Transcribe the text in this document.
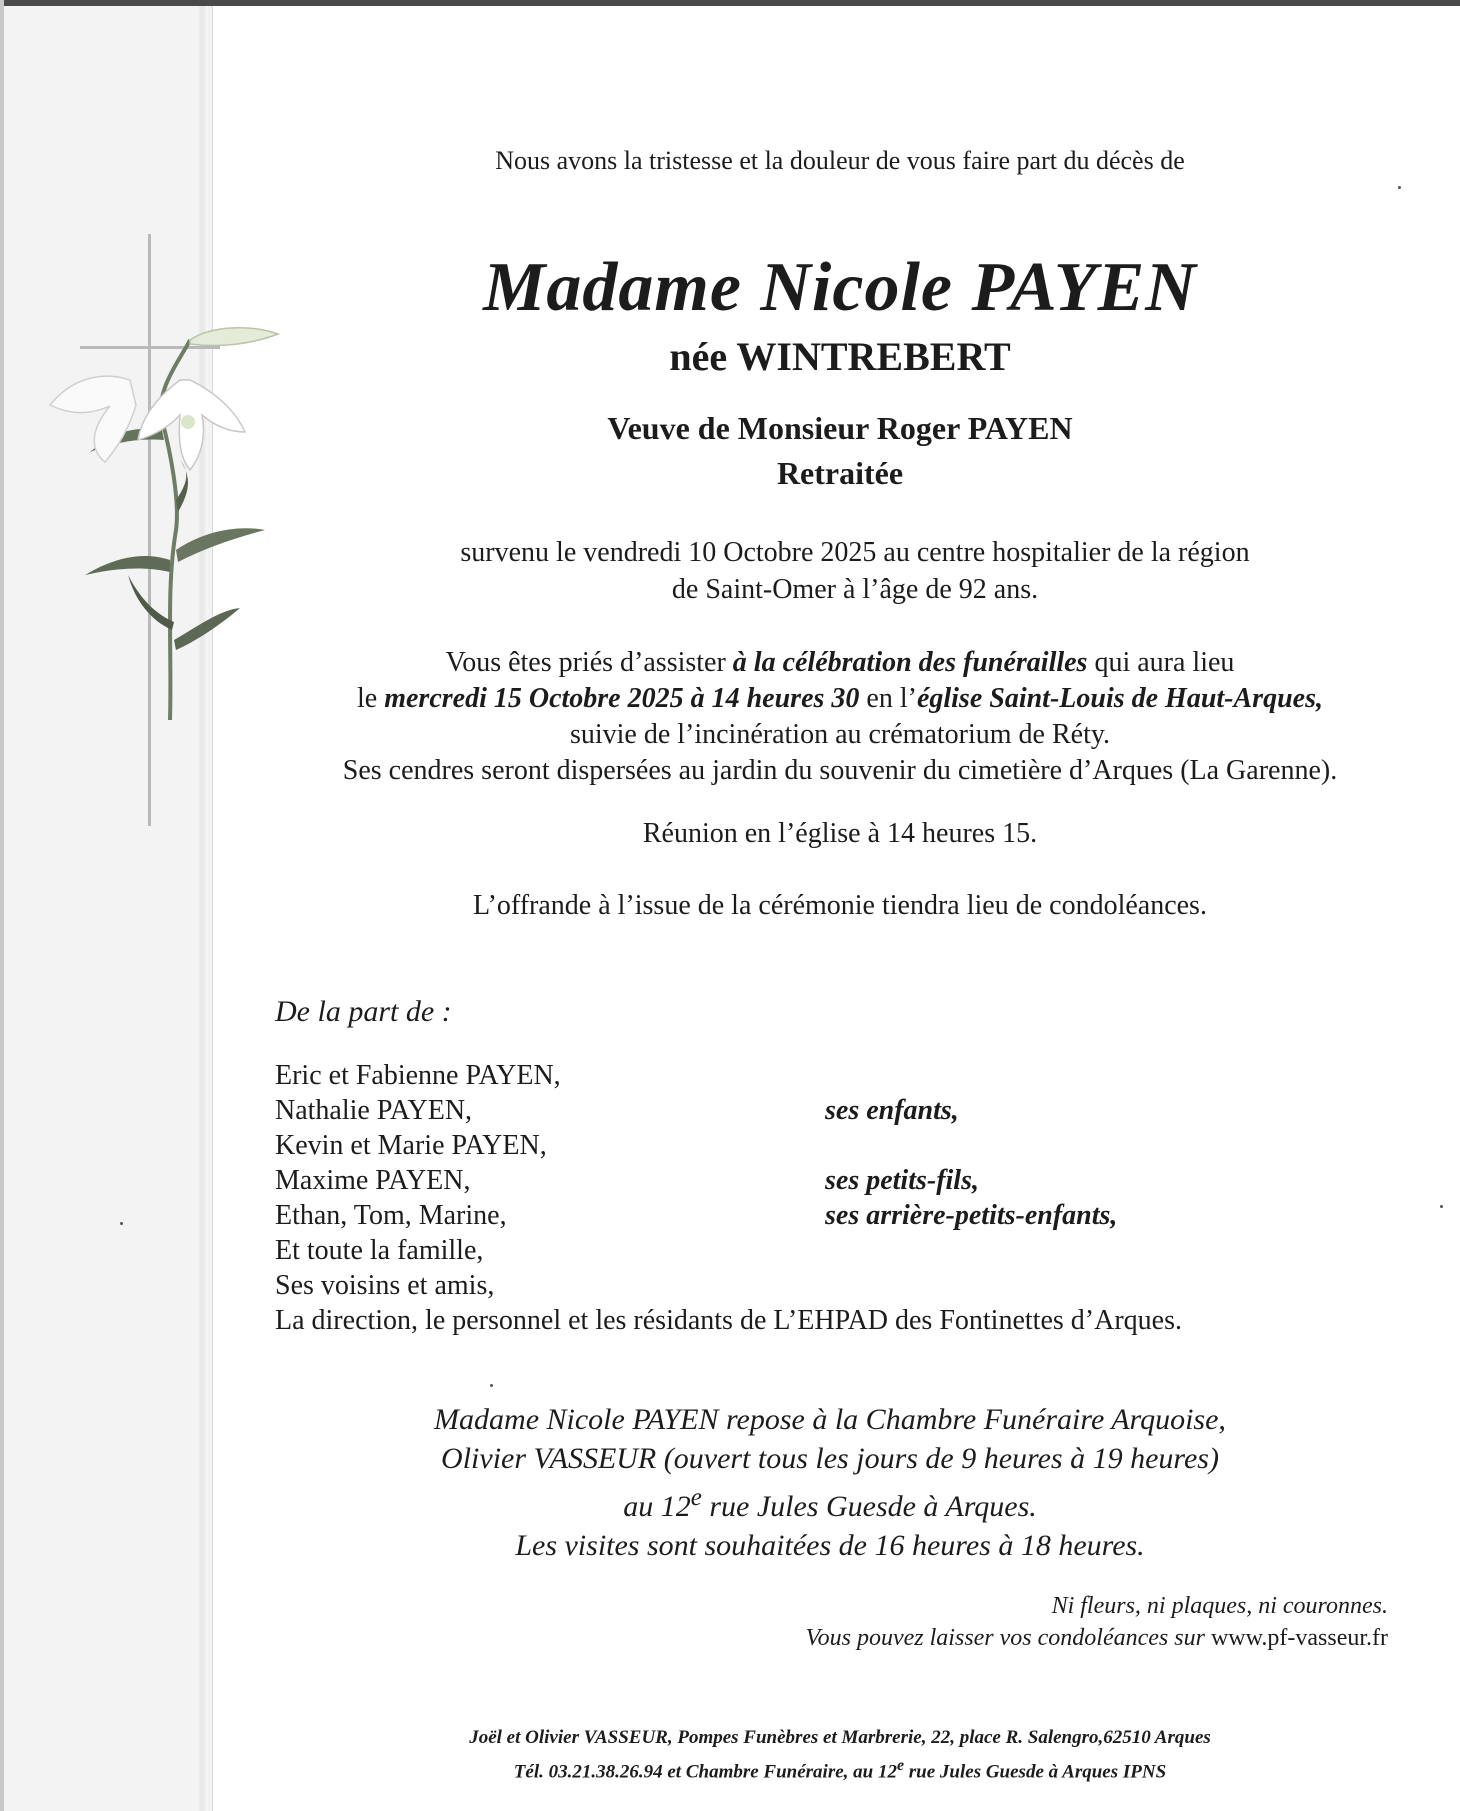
Nous avons la tristesse et la douleur de vous faire part du décès de
Madame Nicole PAYEN
née WINTREBERT
Veuve de Monsieur Roger PAYEN
Retraitée
survenu le vendredi 10 Octobre 2025 au centre hospitalier de la région
de Saint-Omer à l’âge de 92 ans.
Vous êtes priés d’assister à la célébration des funérailles qui aura lieu
le mercredi 15 Octobre 2025 à 14 heures 30 en l’église Saint-Louis de Haut-Arques,
suivie de l’incinération au crématorium de Réty.
Ses cendres seront dispersées au jardin du souvenir du cimetière d’Arques (La Garenne).
Réunion en l’église à 14 heures 15.
L’offrande à l’issue de la cérémonie tiendra lieu de condoléances.
De la part de :
Eric et Fabienne PAYEN,
Nathalie PAYEN,	ses enfants,
Kevin et Marie PAYEN,
Maxime PAYEN,	ses petits-fils,
Ethan, Tom, Marine,	ses arrière-petits-enfants,
Et toute la famille,
Ses voisins et amis,
La direction, le personnel et les résidants de L’EHPAD des Fontinettes d’Arques.
Madame Nicole PAYEN repose à la Chambre Funéraire Arquoise,
Olivier VASSEUR (ouvert tous les jours de 9 heures à 19 heures)
au 12e rue Jules Guesde à Arques.
Les visites sont souhaitées de 16 heures à 18 heures.
Ni fleurs, ni plaques, ni couronnes.
Vous pouvez laisser vos condoléances sur www.pf-vasseur.fr
Joël et Olivier VASSEUR, Pompes Funèbres et Marbrerie, 22, place R. Salengro,62510 Arques
Tél. 03.21.38.26.94 et Chambre Funéraire, au 12e rue Jules Guesde à Arques IPNS
